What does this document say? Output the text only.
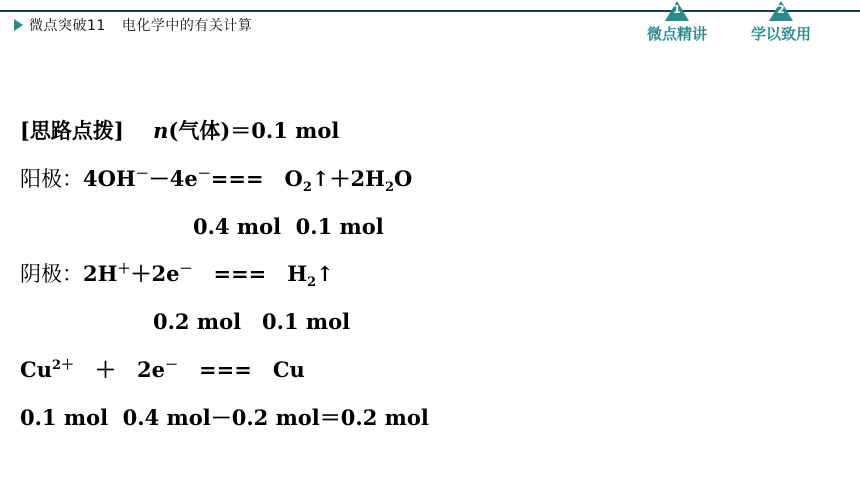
微点突破11 电化学中的有关计算
1
微点精讲
2
学以致用
[思路点拨] n(气体)＝0.1 mol
阳极：4OH－－4e－===　$O_2↑+2H_2O$
0.4 mol  0.1 mol
阴极：2H＋＋2e－　===　$H_2↑$
0.2 mol　0.1 mol
$Cu^{2+}$　＋　2e－　===　Cu
0.1 mol  0.4 mol－0.2 mol＝0.2 mol
